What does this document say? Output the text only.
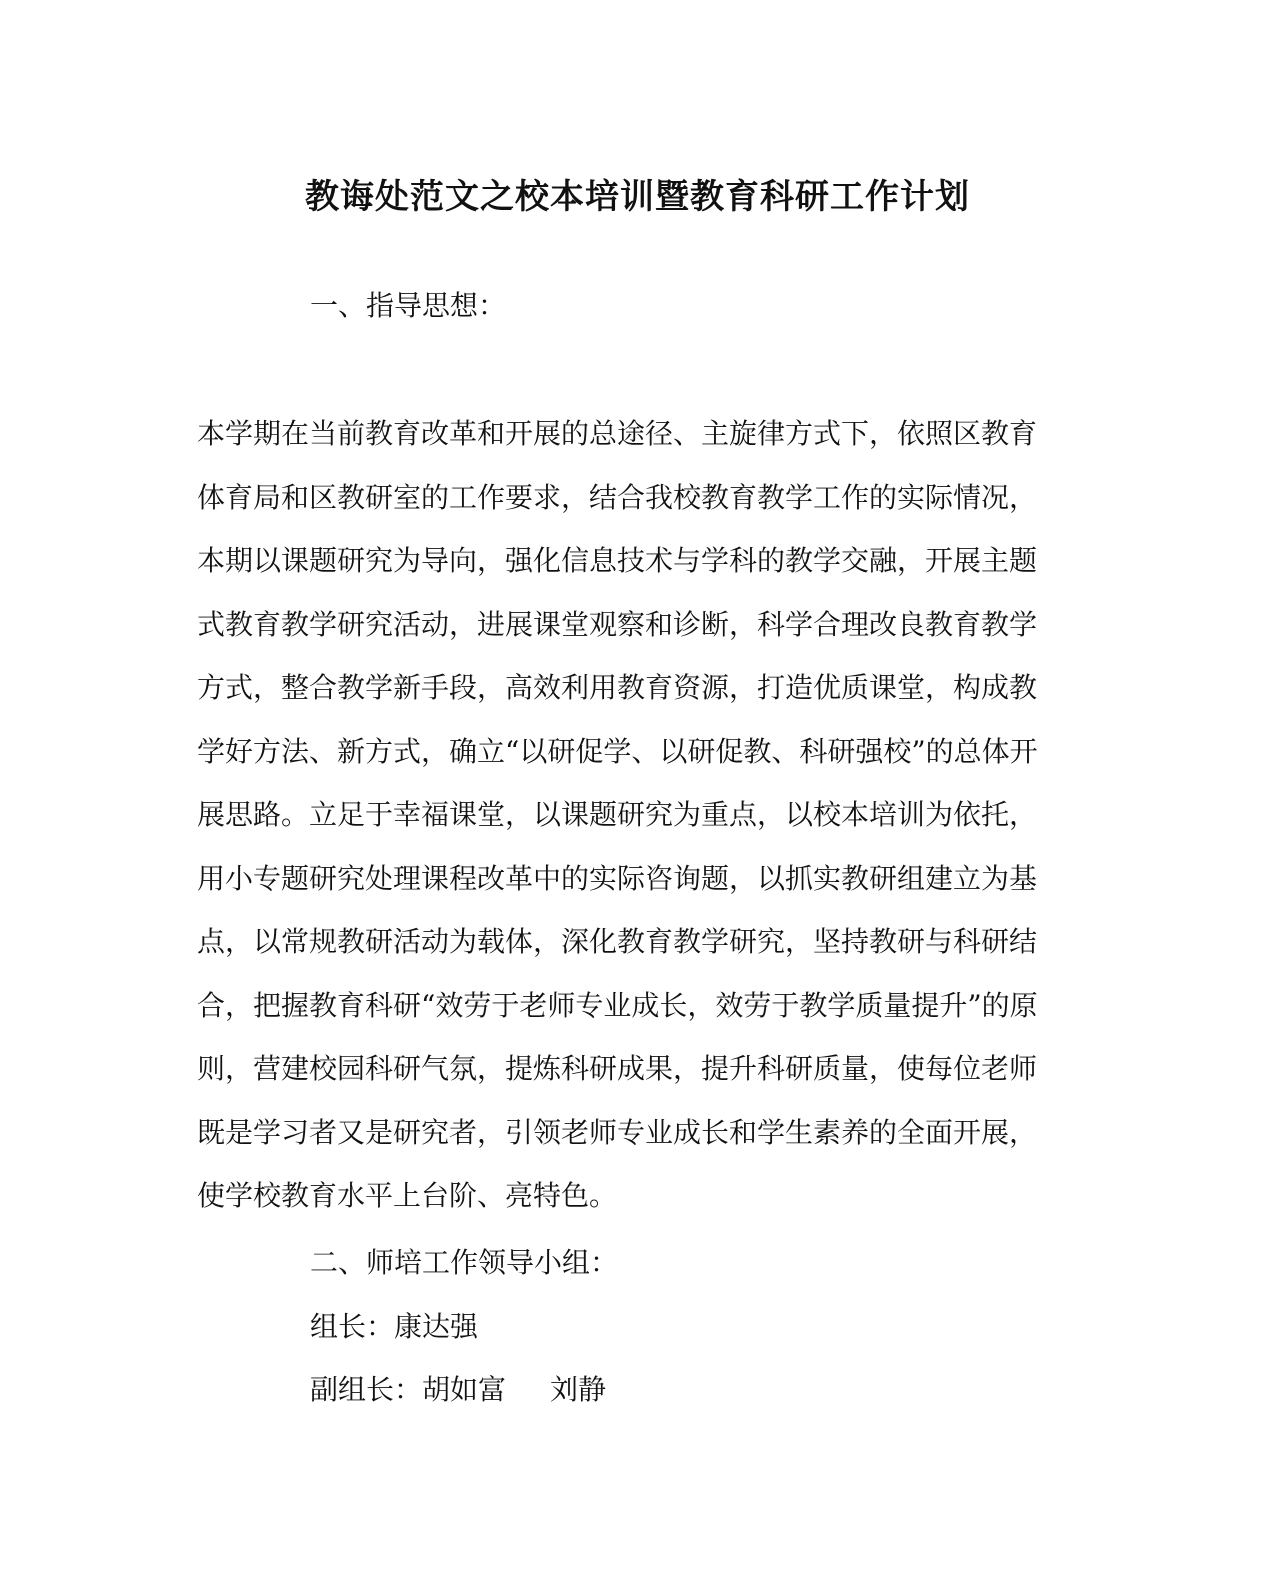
教诲处范文之校本培训暨教育科研工作计划
一、指导思想：
本学期在当前教育改革和开展的总途径、主旋律方式下，依照区教育
体育局和区教研室的工作要求，结合我校教育教学工作的实际情况，
本期以课题研究为导向，强化信息技术与学科的教学交融，开展主题
式教育教学研究活动，进展课堂观察和诊断，科学合理改良教育教学
方式，整合教学新手段，高效利用教育资源，打造优质课堂，构成教
学好方法、新方式，确立“以研促学、以研促教、科研强校”的总体开
展思路。立足于幸福课堂，以课题研究为重点，以校本培训为依托，
用小专题研究处理课程改革中的实际咨询题，以抓实教研组建立为基
点，以常规教研活动为载体，深化教育教学研究，坚持教研与科研结
合，把握教育科研“效劳于老师专业成长，效劳于教学质量提升”的原
则，营建校园科研气氛，提炼科研成果，提升科研质量，使每位老师
既是学习者又是研究者，引领老师专业成长和学生素养的全面开展，
使学校教育水平上台阶、亮特色。
二、师培工作领导小组：
组长：康达强
副组长：胡如富 刘静
